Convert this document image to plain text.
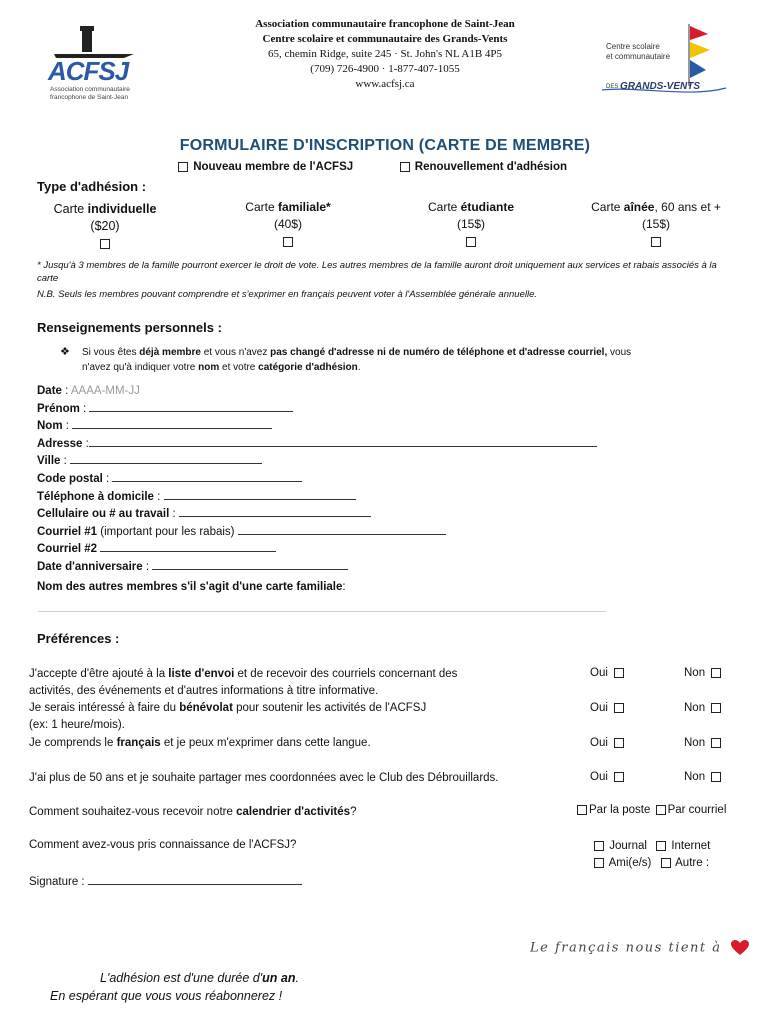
ACFSJ
Association communautaire
francophone de Saint-Jean
Association communautaire francophone de Saint-Jean
Centre scolaire et communautaire des Grands-Vents
65, chemin Ridge, suite 245 · St. John's NL A1B 4P5
(709) 726-4900 · 1-877-407-1055
www.acfsj.ca
Centre scolaire
et communautaire
DES GRANDS-VENTS
FORMULAIRE D'INSCRIPTION (CARTE DE MEMBRE)
Nouveau membre de l'ACFSJ	Renouvellement d'adhésion
Type d'adhésion :
Carte individuelle
($20)
Carte familiale*
(40$)
Carte étudiante
(15$)
Carte aînée, 60 ans et +
(15$)
* Jusqu'à 3 membres de la famille pourront exercer le droit de vote. Les autres membres de la famille auront droit uniquement aux services et rabais associés à la carte
N.B. Seuls les membres pouvant comprendre et s'exprimer en français peuvent voter à l'Assemblée générale annuelle.
Renseignements personnels :
❖ Si vous êtes déjà membre et vous n'avez pas changé d'adresse ni de numéro de téléphone et d'adresse courriel, vous
n'avez qu'à indiquer votre nom et votre catégorie d'adhésion.
Date : AAAA-MM-JJ
Prénom :
Nom :
Adresse :
Ville :
Code postal :
Téléphone à domicile :
Cellulaire ou # au travail :
Courriel #1 (important pour les rabais)
Courriel #2
Date d'anniversaire :
Nom des autres membres s'il s'agit d'une carte familiale:
Préférences :
J'accepte d'être ajouté à la liste d'envoi et de recevoir des courriels concernant des
activités, des événements et d'autres informations à titre informative.
Oui	Non
Je serais intéressé à faire du bénévolat pour soutenir les activités de l'ACFSJ
(ex: 1 heure/mois).
Oui	Non
Je comprends le français et je peux m'exprimer dans cette langue.	Oui	Non
J'ai plus de 50 ans et je souhaite partager mes coordonnées avec le Club des Débrouillards.	Oui	Non
Comment souhaitez-vous recevoir notre calendrier d'activités?	Par la poste Par courriel
Comment avez-vous pris connaissance de l'ACFSJ?	Journal Internet
Ami(e/s) Autre :
Signature :
Le français nous tient à
L'adhésion est d'une durée d'un an.
En espérant que vous vous réabonnerez !
